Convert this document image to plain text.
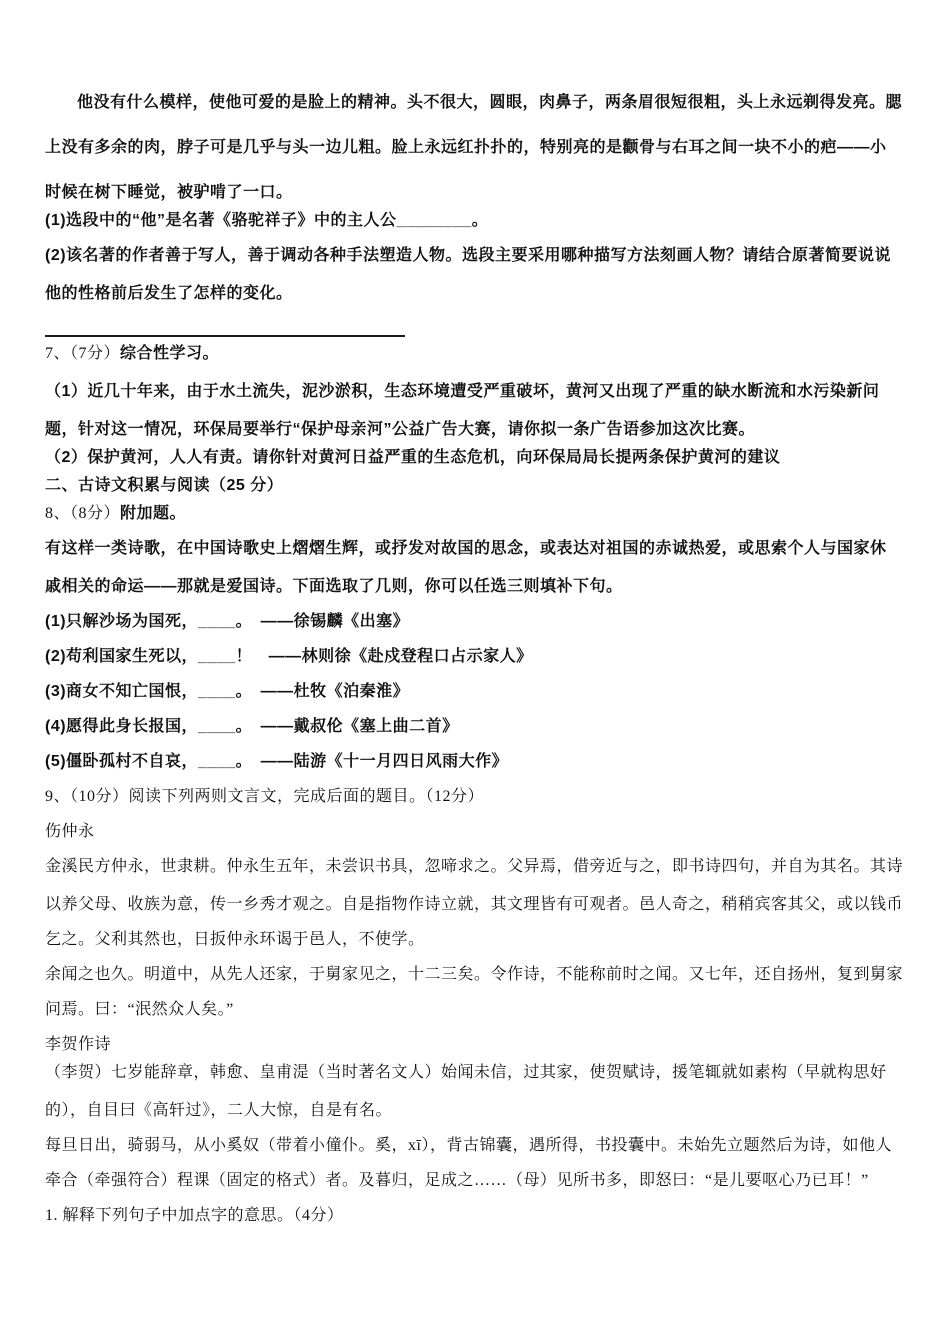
他没有什么模样，使他可爱的是脸上的精神。头不很大，圆眼，肉鼻子，两条眉很短很粗，头上永远剃得发亮。腮
上没有多余的肉，脖子可是几乎与头一边儿粗。脸上永远红扑扑的，特别亮的是颧骨与右耳之间一块不小的疤——小
时候在树下睡觉，被驴啃了一口。
(1)选段中的“他”是名著《骆驼祥子》中的主人公________。
(2)该名著的作者善于写人，善于调动各种手法塑造人物。选段主要采用哪种描写方法刻画人物？请结合原著简要说说
他的性格前后发生了怎样的变化。
7、（7分）综合性学习。
（1）近几十年来，由于水土流失，泥沙淤积，生态环境遭受严重破坏，黄河又出现了严重的缺水断流和水污染新问
题，针对这一情况，环保局要举行“保护母亲河”公益广告大赛，请你拟一条广告语参加这次比赛。
（2）保护黄河，人人有责。请你针对黄河日益严重的生态危机，向环保局局长提两条保护黄河的建议
二、古诗文积累与阅读（25 分）
8、（8分）附加题。
有这样一类诗歌，在中国诗歌史上熠熠生辉，或抒发对故国的思念，或表达对祖国的赤诚热爱，或思索个人与国家休
戚相关的命运——那就是爱国诗。下面选取了几则，你可以任选三则填补下句。
(1)只解沙场为国死，____。　——徐锡麟《出塞》
(2)苟利国家生死以，____！　——林则徐《赴戍登程口占示家人》
(3)商女不知亡国恨，____。　——杜牧《泊秦淮》
(4)愿得此身长报国，____。　——戴叔伦《塞上曲二首》
(5)僵卧孤村不自哀，____。　——陆游《十一月四日风雨大作》
9、（10分）阅读下列两则文言文，完成后面的题目。（12分）
伤仲永
金溪民方仲永，世隶耕。仲永生五年，未尝识书具，忽啼求之。父异焉，借旁近与之，即书诗四句，并自为其名。其诗
以养父母、收族为意，传一乡秀才观之。自是指物作诗立就，其文理皆有可观者。邑人奇之，稍稍宾客其父，或以钱币
乞之。父利其然也，日扳仲永环谒于邑人，不使学。
余闻之也久。明道中，从先人还家，于舅家见之，十二三矣。令作诗，不能称前时之闻。又七年，还自扬州，复到舅家
问焉。曰：“泯然众人矣。”
李贺作诗
（李贺）七岁能辞章，韩愈、皇甫湜（当时著名文人）始闻未信，过其家，使贺赋诗，援笔辄就如素构（早就构思好
的），自目曰《高轩过》，二人大惊，自是有名。
每旦日出，骑弱马，从小奚奴（带着小僮仆。奚，xī），背古锦囊，遇所得，书投囊中。未始先立题然后为诗，如他人
牵合（牵强符合）程课（固定的格式）者。及暮归，足成之……（母）见所书多，即怒曰：“是儿要呕心乃已耳！”
1. 解释下列句子中加点字的意思。（4分）
